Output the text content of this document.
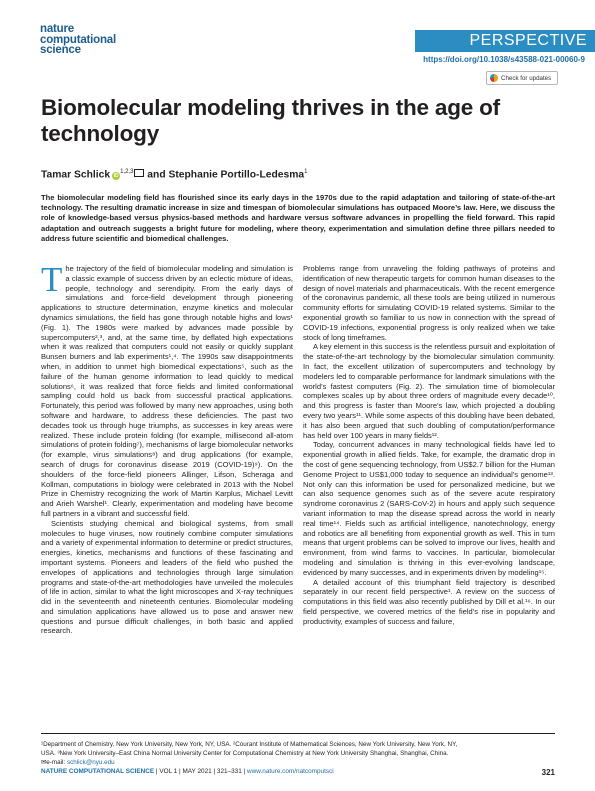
nature
computational
science
PERSPECTIVE
https://doi.org/10.1038/s43588-021-00060-9
Check for updates
Biomolecular modeling thrives in the age of technology
Tamar Schlick iD$^{1,2,3}$ and Stephanie Portillo-Ledesma$^1$

The biomolecular modeling field has flourished since its early days in the 1970s due to the rapid adaptation and tailoring of state-of-the-art technology. The resulting dramatic increase in size and timespan of biomolecular simulations has outpaced Moore’s law. Here, we discuss the role of knowledge-based versus physics-based methods and hardware versus software advances in propelling the field forward. This rapid adaptation and outreach suggests a bright future for modeling, where theory, experimentation and simulation define three pillars needed to address future scientific and biomedical challenges.

The trajectory of the field of biomolecular modeling and simulation is a classic example of success driven by an eclectic mixture of ideas, people, technology and serendipity. From the early days of simulations and force-field development through pioneering applications to structure determination, enzyme kinetics and molecular dynamics simulations, the field has gone through notable highs and lows¹ (Fig. 1). The 1980s were marked by advances made possible by supercomputers²,³, and, at the same time, by deflated high expectations when it was realized that computers could not easily or quickly supplant Bunsen burners and lab experiments¹,⁴. The 1990s saw disappointments when, in addition to unmet high biomedical expectations⁵, such as the failure of the human genome information to lead quickly to medical solutions⁶, it was realized that force fields and limited conformational sampling could hold us back from successful practical applications. Fortunately, this period was followed by many new approaches, using both software and hardware, to address these deficiencies. The past two decades took us through huge triumphs, as successes in key areas were realized. These include protein folding (for example, millisecond all-atom simulations of protein folding⁷), mechanisms of large biomolecular networks (for example, virus simulations⁸) and drug applications (for example, search of drugs for coronavirus disease 2019 (COVID-19)⁹). On the shoulders of the force-field pioneers Allinger, Lifson, Scheraga and Kollman, computations in biology were celebrated in 2013 with the Nobel Prize in Chemistry recognizing the work of Martin Karplus, Michael Levitt and Arieh Warshel¹. Clearly, experimentation and modeling have become full partners in a vibrant and successful field.

Scientists studying chemical and biological systems, from small molecules to huge viruses, now routinely combine computer simulations and a variety of experimental information to determine or predict structures, energies, kinetics, mechanisms and functions of these fascinating and important systems. Pioneers and leaders of the field who pushed the envelopes of applications and technologies through large simulation programs and state-of-the-art methodologies have unveiled the molecules of life in action, similar to what the light microscopes and X-ray techniques did in the seventeenth and nineteenth centuries. Biomolecular modeling and simulation applications have allowed us to pose and answer new questions and pursue difficult challenges, in both basic and applied research.

Problems range from unraveling the folding pathways of proteins and identification of new therapeutic targets for common human diseases to the design of novel materials and pharmaceuticals. With the recent emergence of the coronavirus pandemic, all these tools are being utilized in numerous community efforts for simulating COVID-19 related systems. Similar to the exponential growth so familiar to us now in connection with the spread of COVID-19 infections, exponential progress is only realized when we take stock of long timeframes.

A key element in this success is the relentless pursuit and exploitation of the state-of-the-art technology by the biomolecular simulation community. In fact, the excellent utilization of supercomputers and technology by modelers led to comparable performance for landmark simulations with the world’s fastest computers (Fig. 2). The simulation time of biomolecular complexes scales up by about three orders of magnitude every decade¹⁰, and this progress is faster than Moore’s law, which projected a doubling every two years¹¹. While some aspects of this doubling have been debated, it has also been argued that such doubling of computation/performance has held over 100 years in many fields¹².

Today, concurrent advances in many technological fields have led to exponential growth in allied fields. Take, for example, the dramatic drop in the cost of gene sequencing technology, from US$2.7 billion for the Human Genome Project to US$1,000 today to sequence an individual’s genome¹³. Not only can this information be used for personalized medicine, but we can also sequence genomes such as of the severe acute respiratory syndrome coronavirus 2 (SARS-CoV-2) in hours and apply such sequence variant information to map the disease spread across the world in nearly real time¹⁴. Fields such as artificial intelligence, nanotechnology, energy and robotics are all benefiting from exponential growth as well. This in turn means that urgent problems can be solved to improve our lives, health and environment, from wind farms to vaccines. In particular, biomolecular modeling and simulation is thriving in this ever-evolving landscape, evidenced by many successes, and in experiments driven by modeling¹⁵.

A detailed account of this triumphant field trajectory is described separately in our recent field perspective¹. A review on the success of computations in this field was also recently published by Dill et al.¹⁶. In our field perspective, we covered metrics of the field’s rise in popularity and productivity, examples of success and failure,

¹Department of Chemistry, New York University, New York, NY, USA. ²Courant Institute of Mathematical Sciences, New York University, New York, NY,
USA. ³New York University–East China Normal University Center for Computational Chemistry at New York University Shanghai, Shanghai, China.
✉e-mail: schlick@nyu.edu
NATURE COMPUTATIONAL SCIENCE | VOL 1 | MAY 2021 | 321–331 | www.nature.com/natcomputsci	321
